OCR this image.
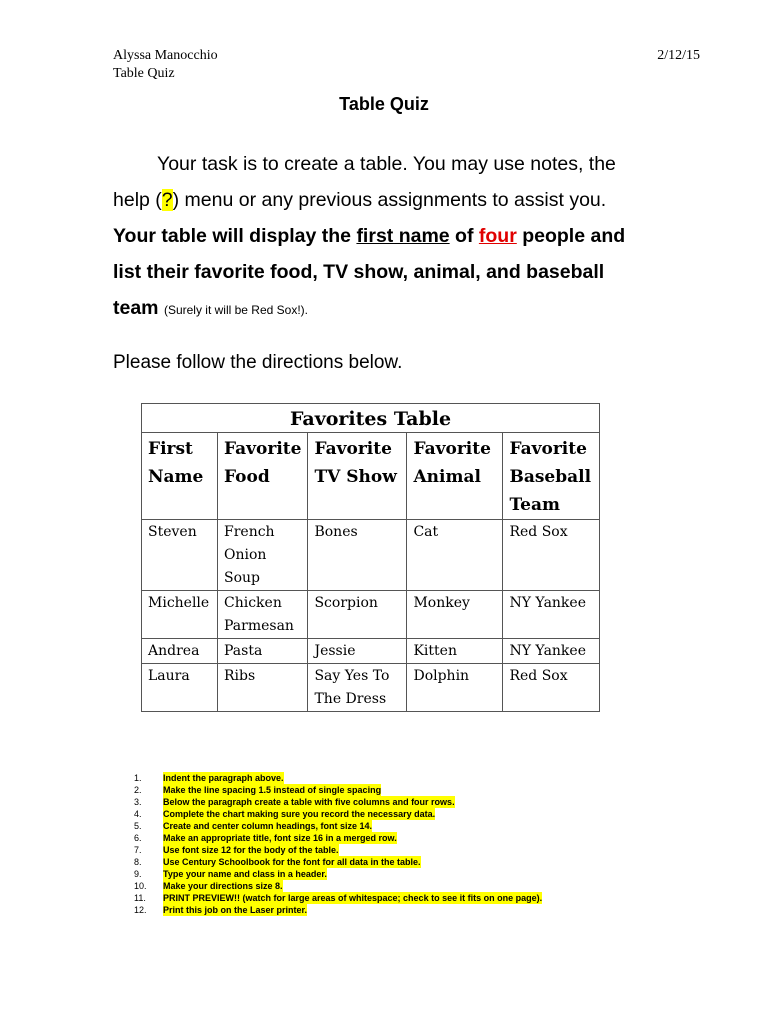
Alyssa Manocchio
Table Quiz
2/12/15
Table Quiz

Your task is to create a table. You may use notes, the help (?) menu or any previous assignments to assist you. Your table will display the first name of four people and list their favorite food, TV show, animal, and baseball team (Surely it will be Red Sox!).

Please follow the directions below.
Favorites Table				
First Name	Favorite Food	Favorite TV Show	Favorite Animal	Favorite Baseball Team
Steven	French Onion Soup	Bones	Cat	Red Sox
Michelle	Chicken Parmesan	Scorpion	Monkey	NY Yankee
Andrea	Pasta	Jessie	Kitten	NY Yankee
Laura	Ribs	Say Yes To The Dress	Dolphin	Red Sox
1.	Indent the paragraph above.
2.	Make the line spacing 1.5 instead of single spacing
3.	Below the paragraph create a table with five columns and four rows.
4.	Complete the chart making sure you record the necessary data.
5.	Create and center column headings, font size 14.
6.	Make an appropriate title, font size 16 in a merged row.
7.	Use font size 12 for the body of the table.
8.	Use Century Schoolbook for the font for all data in the table.
9.	Type your name and class in a header.
10.	Make your directions size 8.
11.	PRINT PREVIEW!! (watch for large areas of whitespace; check to see it fits on one page).
12.	Print this job on the Laser printer.
